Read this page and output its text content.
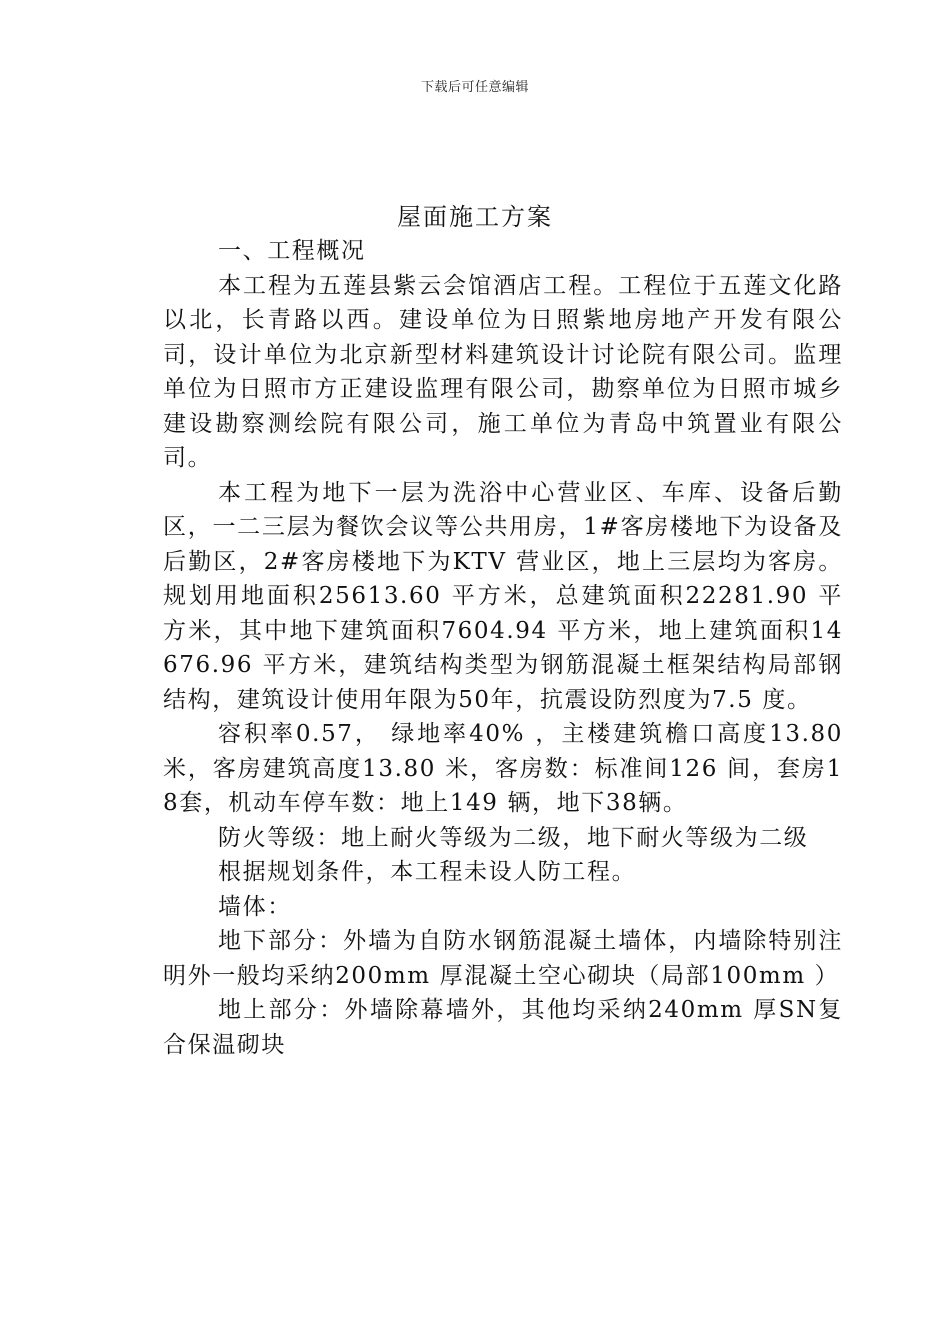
下载后可任意编辑
屋面施工方案

一、工程概况

本工程为五莲县紫云会馆酒店工程。工程位于五莲文化路以北，长青路以西。建设单位为日照紫地房地产开发有限公司，设计单位为北京新型材料建筑设计讨论院有限公司。监理单位为日照市方正建设监理有限公司，勘察单位为日照市城乡建设勘察测绘院有限公司，施工单位为青岛中筑置业有限公司。

本工程为地下一层为洗浴中心营业区、车库、设备后勤区，一二三层为餐饮会议等公共用房，1#客房楼地下为设备及后勤区，2#客房楼地下为KTV 营业区，地上三层均为客房。规划用地面积25613.60 平方米，总建筑面积22281.90 平方米，其中地下建筑面积7604.94 平方米，地上建筑面积14676.96 平方米，建筑结构类型为钢筋混凝土框架结构局部钢结构，建筑设计使用年限为50年，抗震设防烈度为7.5 度。

容积率0.57， 绿地率40% ，主楼建筑檐口高度13.80 米，客房建筑高度13.80 米，客房数：标准间126 间，套房18套，机动车停车数：地上149 辆，地下38辆。

防火等级：地上耐火等级为二级，地下耐火等级为二级

根据规划条件，本工程未设人防工程。

墙体：

地下部分：外墙为自防水钢筋混凝土墙体，内墙除特别注明外一般均采纳200mm 厚混凝土空心砌块（局部100mm ）

地上部分：外墙除幕墙外，其他均采纳240mm 厚SN复合保温砌块
